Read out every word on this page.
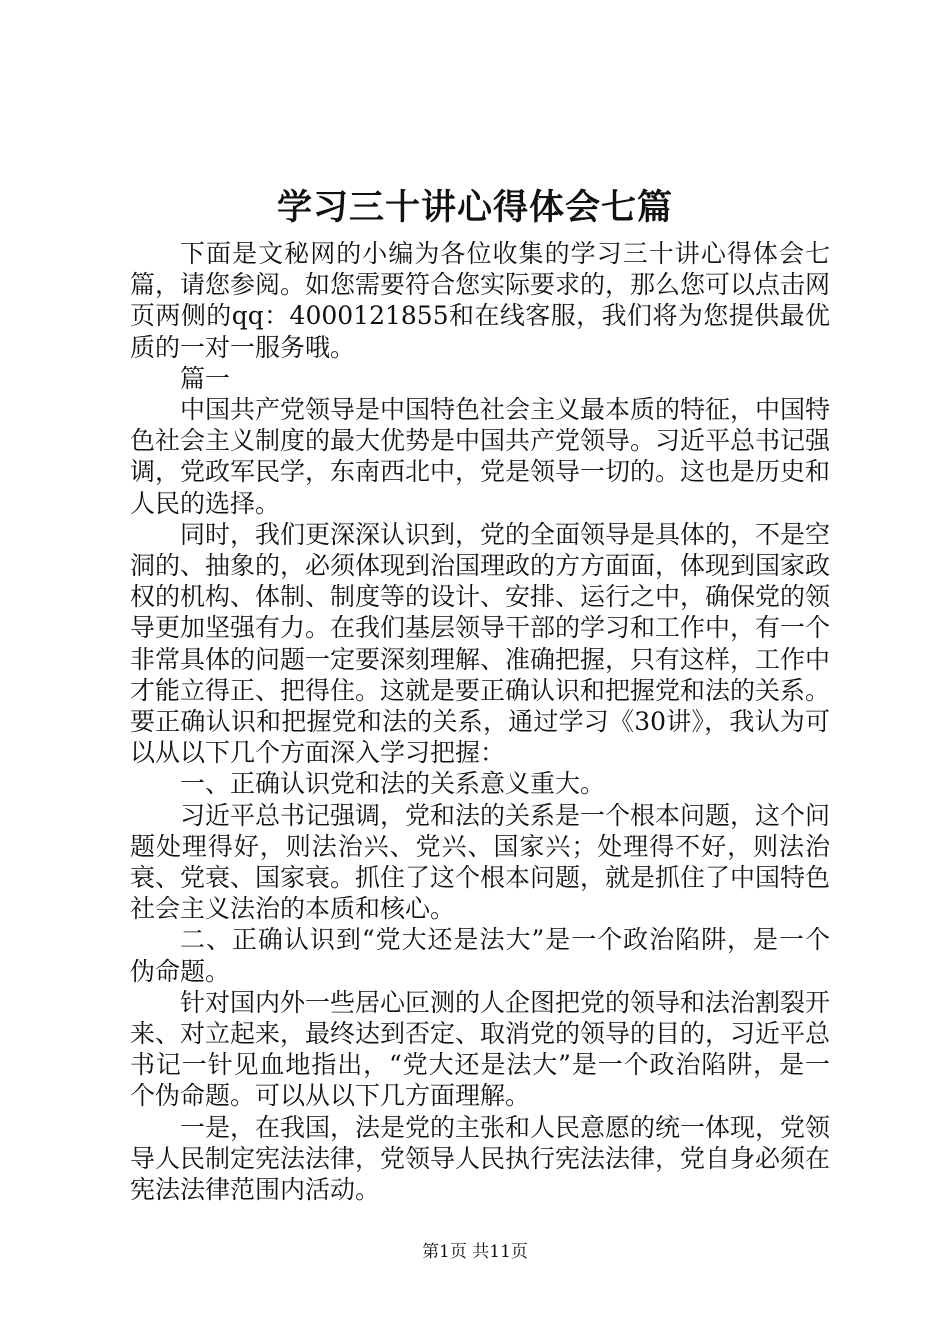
学习三十讲心得体会七篇

下面是文秘网的小编为各位收集的学习三十讲心得体会七篇，请您参阅。如您需要符合您实际要求的，那么您可以点击网页两侧的qq：4000121855和在线客服，我们将为您提供最优质的一对一服务哦。

篇一

中国共产党领导是中国特色社会主义最本质的特征，中国特色社会主义制度的最大优势是中国共产党领导。习近平总书记强调，党政军民学，东南西北中，党是领导一切的。这也是历史和人民的选择。

同时，我们更深深认识到，党的全面领导是具体的，不是空洞的、抽象的，必须体现到治国理政的方方面面，体现到国家政权的机构、体制、制度等的设计、安排、运行之中，确保党的领导更加坚强有力。在我们基层领导干部的学习和工作中，有一个非常具体的问题一定要深刻理解、准确把握，只有这样，工作中才能立得正、把得住。这就是要正确认识和把握党和法的关系。要正确认识和把握党和法的关系，通过学习《30讲》，我认为可以从以下几个方面深入学习把握：

一、正确认识党和法的关系意义重大。

习近平总书记强调，党和法的关系是一个根本问题，这个问题处理得好，则法治兴、党兴、国家兴；处理得不好，则法治衰、党衰、国家衰。抓住了这个根本问题，就是抓住了中国特色社会主义法治的本质和核心。

二、正确认识到“党大还是法大”是一个政治陷阱，是一个伪命题。

针对国内外一些居心叵测的人企图把党的领导和法治割裂开来、对立起来，最终达到否定、取消党的领导的目的，习近平总书记一针见血地指出，“党大还是法大”是一个政治陷阱，是一个伪命题。可以从以下几方面理解。

一是，在我国，法是党的主张和人民意愿的统一体现，党领导人民制定宪法法律，党领导人民执行宪法法律，党自身必须在宪法法律范围内活动。

第1页 共11页
